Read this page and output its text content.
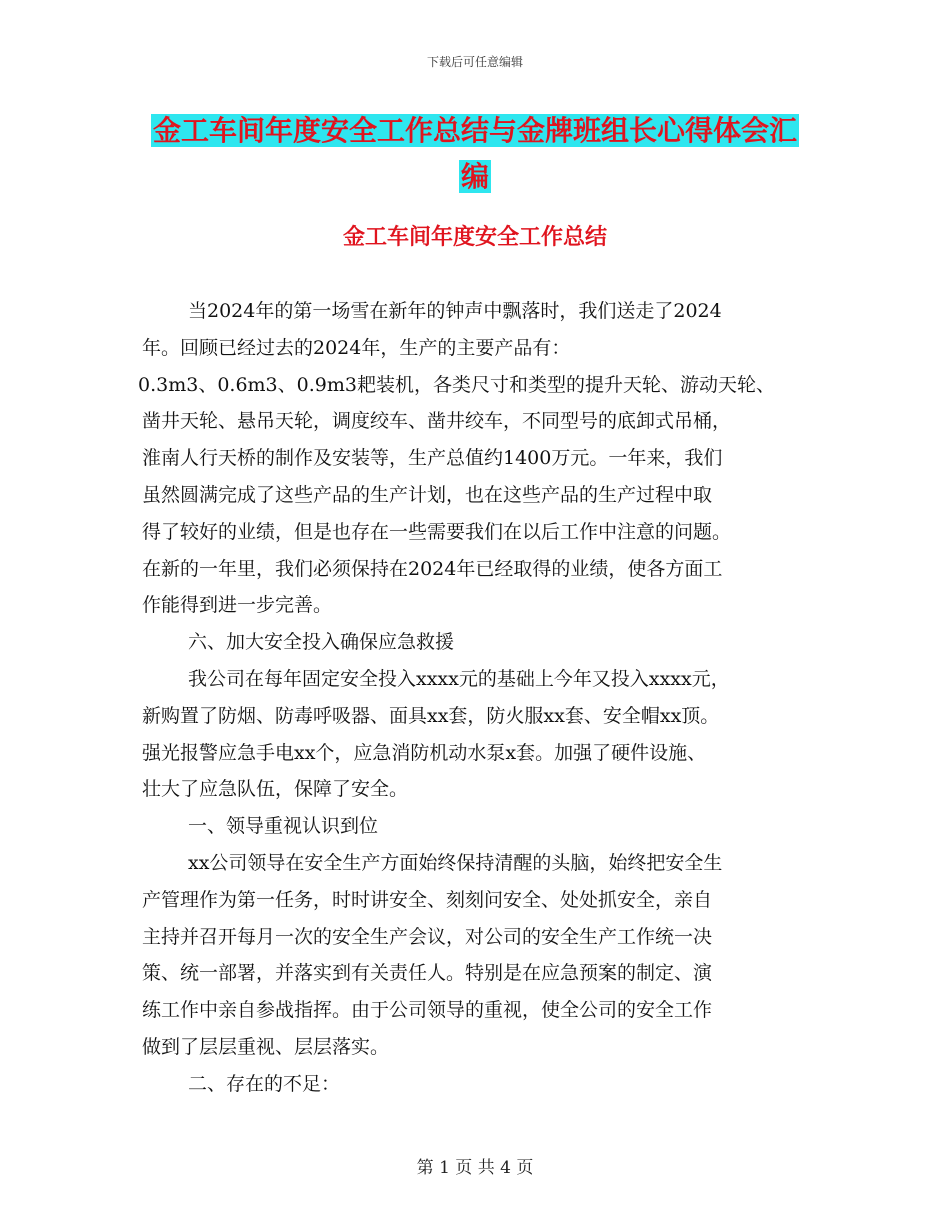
下载后可任意编辑
金工车间年度安全工作总结与金牌班组长心得体会汇
编
金工车间年度安全工作总结
当2024年的第一场雪在新年的钟声中飘落时，我们送走了2024
年。回顾已经过去的2024年，生产的主要产品有：
0.3m3、0.6m3、0.9m3耙装机，各类尺寸和类型的提升天轮、游动天轮、
凿井天轮、悬吊天轮，调度绞车、凿井绞车，不同型号的底卸式吊桶，
淮南人行天桥的制作及安装等，生产总值约1400万元。一年来，我们
虽然圆满完成了这些产品的生产计划，也在这些产品的生产过程中取
得了较好的业绩，但是也存在一些需要我们在以后工作中注意的问题。
在新的一年里，我们必须保持在2024年已经取得的业绩，使各方面工
作能得到进一步完善。
六、加大安全投入确保应急救援
我公司在每年固定安全投入xxxx元的基础上今年又投入xxxx元，
新购置了防烟、防毒呼吸器、面具xx套，防火服xx套、安全帽xx顶。
强光报警应急手电xx个，应急消防机动水泵x套。加强了硬件设施、
壮大了应急队伍，保障了安全。
一、领导重视认识到位
xx公司领导在安全生产方面始终保持清醒的头脑，始终把安全生
产管理作为第一任务，时时讲安全、刻刻问安全、处处抓安全，亲自
主持并召开每月一次的安全生产会议，对公司的安全生产工作统一决
策、统一部署，并落实到有关责任人。特别是在应急预案的制定、演
练工作中亲自参战指挥。由于公司领导的重视，使全公司的安全工作
做到了层层重视、层层落实。
二、存在的不足：
第 1 页 共 4 页
